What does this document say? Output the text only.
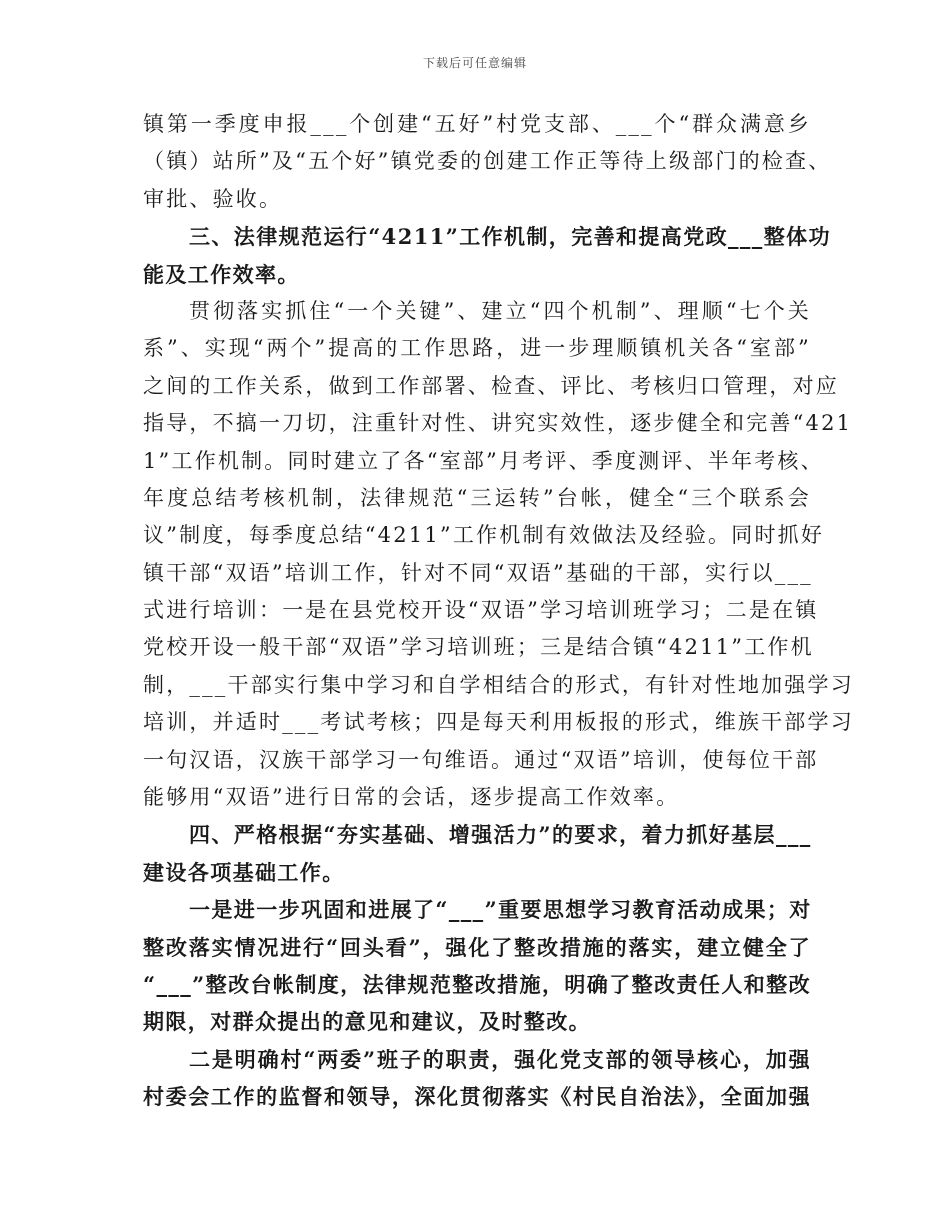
下载后可任意编辑
镇第一季度申报___个创建“五好”村党支部、___个“群众满意乡
（镇）站所”及“五个好”镇党委的创建工作正等待上级部门的检查、
审批、验收。
三、法律规范运行“4211”工作机制，完善和提高党政___整体功
能及工作效率。
贯彻落实抓住“一个关键”、建立“四个机制”、理顺“七个关
系”、实现“两个”提高的工作思路，进一步理顺镇机关各“室部”
之间的工作关系，做到工作部署、检查、评比、考核归口管理，对应
指导，不搞一刀切，注重针对性、讲究实效性，逐步健全和完善“421
1”工作机制。同时建立了各“室部”月考评、季度测评、半年考核、
年度总结考核机制，法律规范“三运转”台帐，健全“三个联系会
议”制度，每季度总结“4211”工作机制有效做法及经验。同时抓好
镇干部“双语”培训工作，针对不同“双语”基础的干部，实行以___
式进行培训：一是在县党校开设“双语”学习培训班学习；二是在镇
党校开设一般干部“双语”学习培训班；三是结合镇“4211”工作机
制，___干部实行集中学习和自学相结合的形式，有针对性地加强学习
培训，并适时___考试考核；四是每天利用板报的形式，维族干部学习
一句汉语，汉族干部学习一句维语。通过“双语”培训，使每位干部
能够用“双语”进行日常的会话，逐步提高工作效率。
四、严格根据“夯实基础、增强活力”的要求，着力抓好基层___
建设各项基础工作。
一是进一步巩固和进展了“___”重要思想学习教育活动成果；对
整改落实情况进行“回头看”，强化了整改措施的落实，建立健全了
“___”整改台帐制度，法律规范整改措施，明确了整改责任人和整改
期限，对群众提出的意见和建议，及时整改。
二是明确村“两委”班子的职责，强化党支部的领导核心，加强
村委会工作的监督和领导，深化贯彻落实《村民自治法》，全面加强
